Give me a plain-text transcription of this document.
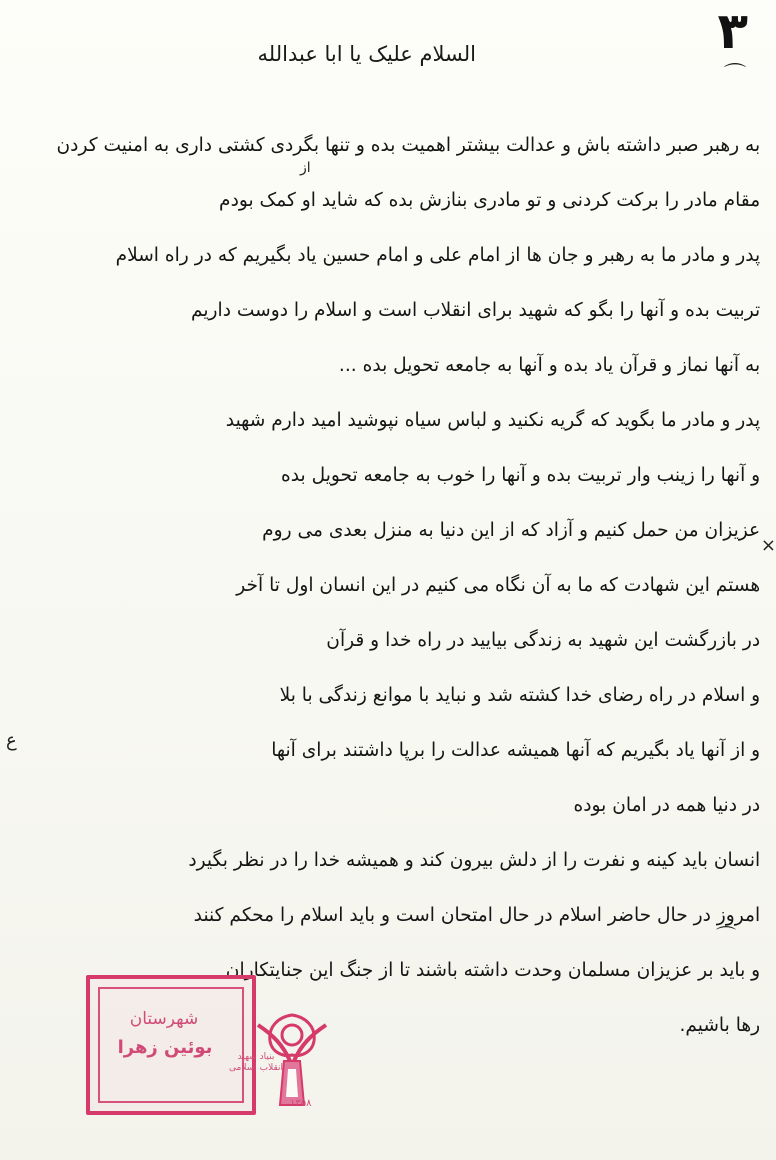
۳
⌒
السلام علیک یا ابا عبدالله
از
به رهبر صبر داشته باش و عدالت بیشتر اهمیت بده و تنها بگردی کشتی داری به امنیت کردن
مقام مادر را برکت کردنی و تو مادری بنازش بده که شاید او کمک بودم
پدر و مادر ما به رهبر و جان ها از امام علی و امام حسین یاد بگیریم که در راه اسلام
تربیت بده و آنها را بگو که شهید برای انقلاب است و اسلام را دوست داریم
به آنها نماز و قرآن یاد بده و آنها به جامعه تحویل بده ...
پدر و مادر ما بگوید که گریه نکنید و لباس سیاه نپوشید امید دارم شهید
و آنها را زینب وار تربیت بده و آنها را خوب به جامعه تحویل بده
عزیزان من حمل کنیم و آزاد که از این دنیا به منزل بعدی می روم
هستم این شهادت که ما به آن نگاه می کنیم در این انسان اول تا آخر
در بازرگشت این شهید به زندگی بیایید در راه خدا و قرآن
و اسلام در راه رضای خدا کشته شد و نباید با موانع زندگی با بلا
و از آنها یاد بگیریم که آنها همیشه عدالت را برپا داشتند برای آنها
در دنیا همه در امان بوده
انسان باید کینه و نفرت را از دلش بیرون کند و همیشه خدا را در نظر بگیرد
امروز در حال حاضر اسلام در حال امتحان است و باید اسلام را محکم کنند
و باید بر عزیزان مسلمان وحدت داشته باشند تا از جنگ این جنایتکاران
رها باشیم.
×
ع
⌒
شهرستان
بوئین زهرا	بنیاد شهید انقلاب اسلامی
۱۳۵۸
